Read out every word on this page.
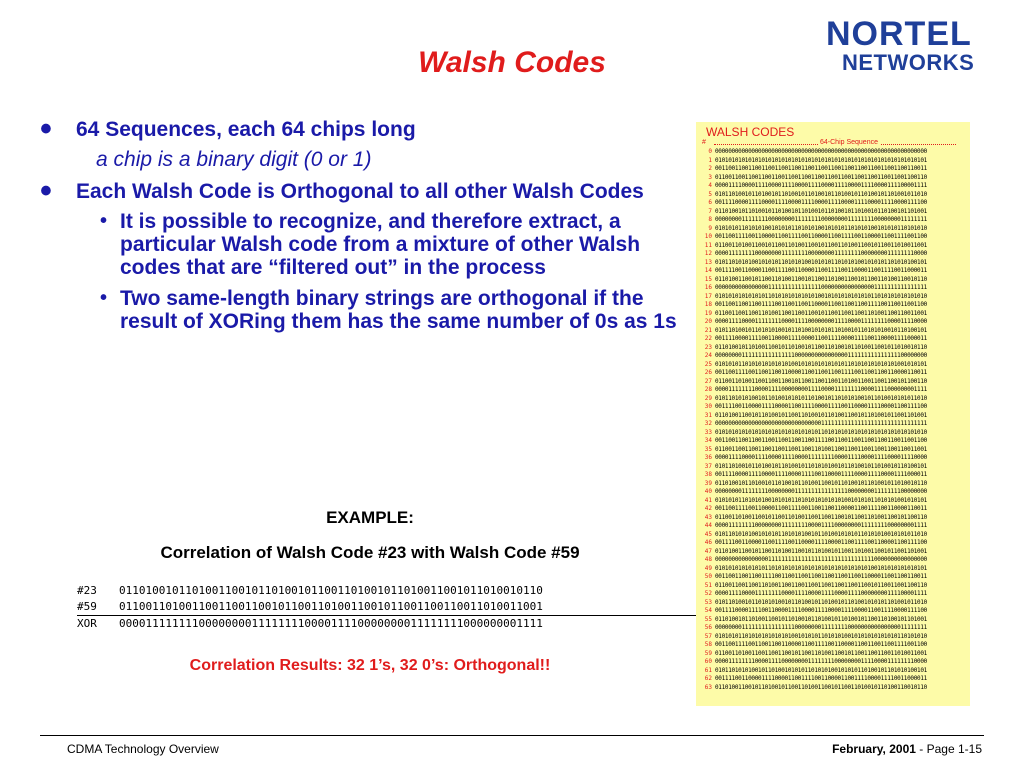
NORTEL
NETWORKS
Walsh Codes
• 64 Sequences, each 64 chips long
a chip is a binary digit (0 or 1)
• Each Walsh Code is Orthogonal to all other Walsh Codes
• It is possible to recognize, and therefore extract, a particular Walsh code from a mixture of other Walsh codes that are “filtered out” in the process
• Two same-length binary strings are orthogonal if the result of XORing them has the same number of 0s as 1s
EXAMPLE:
Correlation of Walsh Code #23 with Walsh Code #59
#23	0110100101101001100101101001011001101001011010011001011010010110
#59	0110011010011001100110010110011010011001011001100110011010011001
XOR	0000111111110000000011111111000011110000000011111111000000001111
Correlation Results: 32 1’s, 32 0’s: Orthogonal!!
WALSH CODES
#	64-Chip Sequence
0 0000000000000000000000000000000000000000000000000000000000000000
1 0101010101010101010101010101010101010101010101010101010101010101
2 0011001100110011001100110011001100110011001100110011001100110011
3 0110011001100110011001100110011001100110011001100110011001100110
4 0000111100001111000011110000111100001111000011110000111100001111
5 0101101001011010010110100101101001011010010110100101101001011010
6 0011110000111100001111000011110000111100001111000011110000111100
7 0110100101101001011010010110100101101001011010010110100101101001
8 0000000011111111000000001111111100000000111111110000000011111111
9 0101010110101010010101011010101001010101101010100101010110101010
10 0011001111001100001100111100110000110011110011000011001111001100
11 0110011010011001011001101001100101100110100110010110011010011001
12 0000111111110000000011111111000000001111111100000000111111110000
13 0101101010100101010110101010010101011010101001010101101010100101
14 0011110011000011001111001100001100111100110000110011110011000011
15 0110100110010110011010011001011001101001100101100110100110010110
16 0000000000000000111111111111111100000000000000001111111111111111
17 0101010101010101101010101010101001010101010101011010101010101010
18 0011001100110011110011001100110000110011001100111100110011001100
19 0110011001100110100110011001100101100110011001101001100110011001
20 0000111100001111111100001111000000001111000011111111000011110000
21 0101101001011010101001011010010101011010010110101010010110100101
22 0011110000111100110000111100001100111100001111001100001111000011
23 0110100101101001100101101001011001101001011010011001011010010110
24 0000000011111111111111110000000000000000111111111111111100000000
25 0101010110101010101010100101010101010101101010101010101001010101
26 0011001111001100110011000011001100110011110011001100110000110011
27 0110011010011001100110010110011001100110100110011001100101100110
28 0000111111110000111100000000111100001111111100001111000000001111
29 0101101010100101101001010101101001011010101001011010010101011010
30 0011110011000011110000110011110000111100110000111100001100111100
31 0110100110010110100101100110100101101001100101101001011001101001
32 0000000000000000000000000000000011111111111111111111111111111111
33 0101010101010101010101010101010110101010101010101010101010101010
34 0011001100110011001100110011001111001100110011001100110011001100
35 0110011001100110011001100110011010011001100110011001100110011001
36 0000111100001111000011110000111111110000111100001111000011110000
37 0101101001011010010110100101101010100101101001011010010110100101
38 0011110000111100001111000011110011000011110000111100001111000011
39 0110100101101001011010010110100110010110100101101001011010010110
40 0000000011111111000000001111111111111111000000001111111100000000
41 0101010110101010010101011010101010101010010101011010101001010101
42 0011001111001100001100111100110011001100001100111100110000110011
43 0110011010011001011001101001100110011001011001101001100101100110
44 0000111111110000000011111111000011110000000011111111000000001111
45 0101101010100101010110101010010110100101010110101010010101011010
46 0011110011000011001111001100001111000011001111001100001100111100
47 0110100110010110011010011001011010010110011010011001011001101001
48 0000000000000000111111111111111111111111111111110000000000000000
49 0101010101010101101010101010101010101010101010100101010101010101
50 0011001100110011110011001100110011001100110011000011001100110011
51 0110011001100110100110011001100110011001100110010110011001100110
52 0000111100001111111100001111000011110000111100000000111100001111
53 0101101001011010101001011010010110100101101001010101101001011010
54 0011110000111100110000111100001111000011110000110011110000111100
55 0110100101101001100101101001011010010110100101100110100101101001
56 0000000011111111111111110000000011111111000000000000000011111111
57 0101010110101010101010100101010110101010010101010101010110101010
58 0011001111001100110011000011001111001100001100110011001111001100
59 0110011010011001100110010110011010011001011001100110011010011001
60 0000111111110000111100000000111111110000000011110000111111110000
61 0101101010100101101001010101101010100101010110100101101010100101
62 0011110011000011110000110011110011000011001111000011110011000011
63 0110100110010110100101100110100110010110011010010110100110010110
CDMA Technology Overview	February, 2001 - Page 1-15
